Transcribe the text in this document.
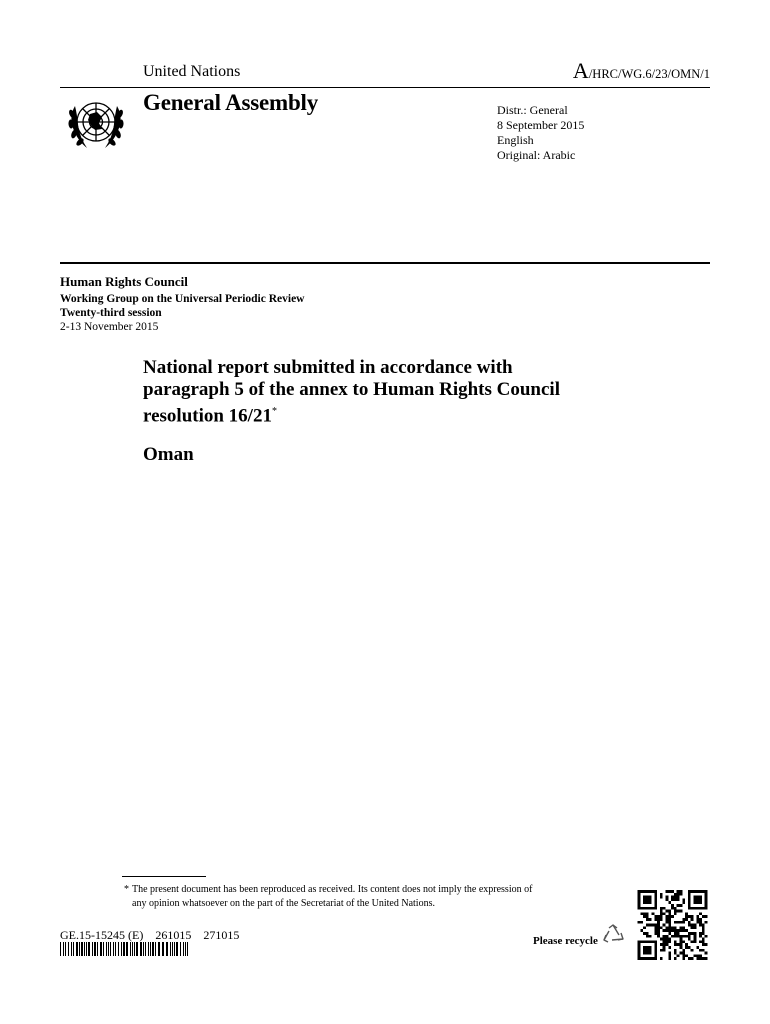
United Nations	A/HRC/WG.6/23/OMN/1
General Assembly	Distr.: General
8 September 2015
English
Original: Arabic
Human Rights Council
Working Group on the Universal Periodic Review
Twenty-third session
2-13 November 2015
National report submitted in accordance with
paragraph 5 of the annex to Human Rights Council
resolution 16/21*
Oman
* The present document has been reproduced as received. Its content does not imply the expression of
any opinion whatsoever on the part of the Secretariat of the United Nations.
GE.15-15245 (E) 261015 271015	Please recycle
